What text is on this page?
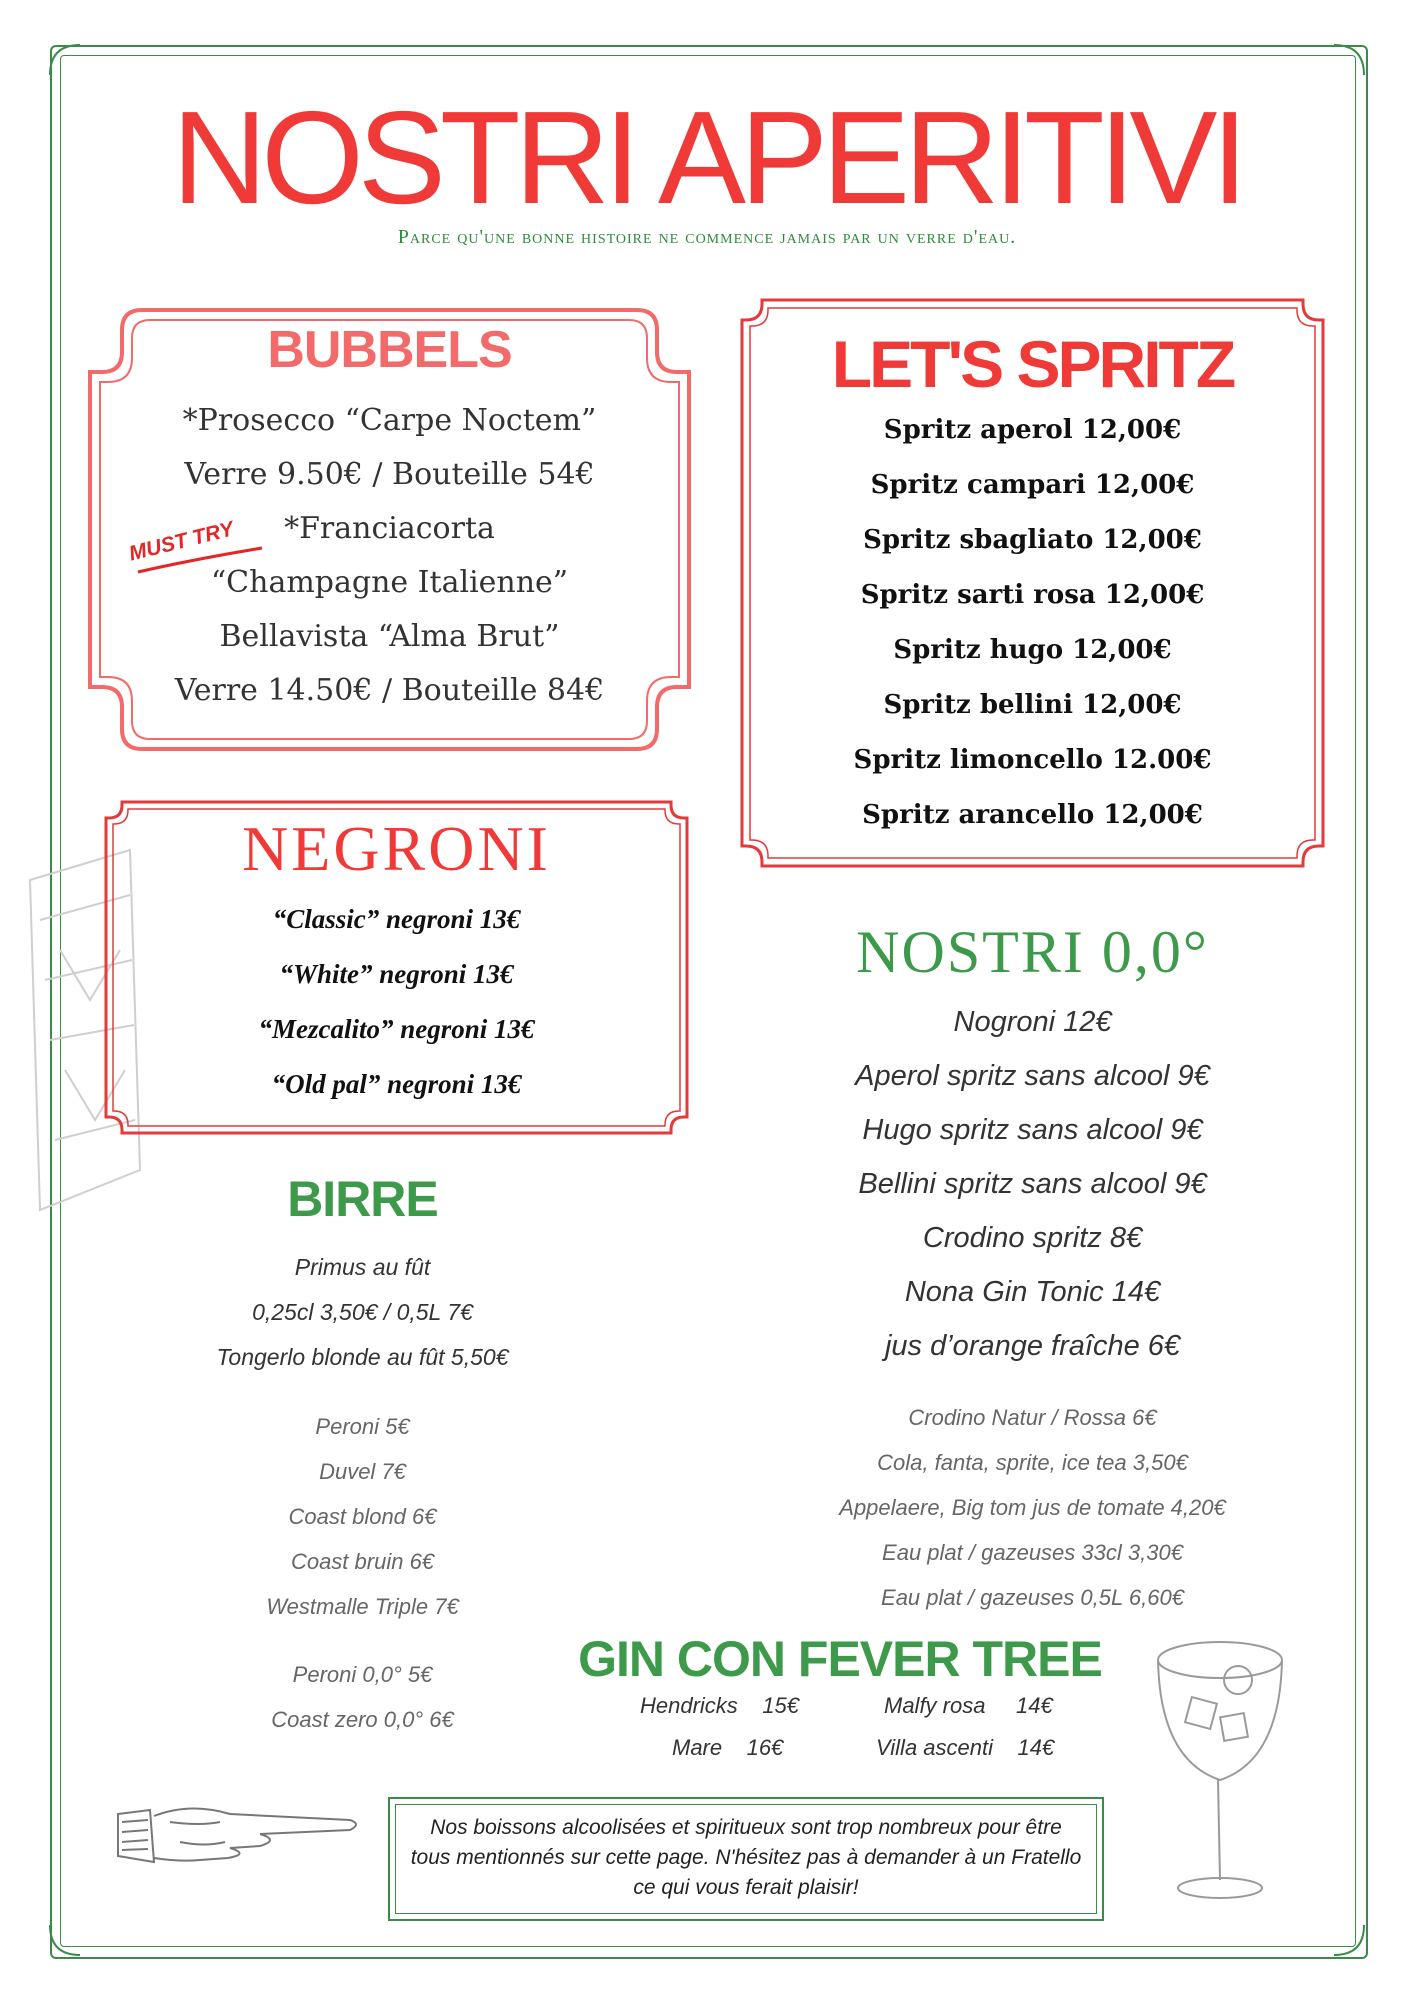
NOSTRI APERITIVI
Parce qu'une bonne histoire ne commence jamais par un verre d'eau.
BUBBELS
*Prosecco “Carpe Noctem”
Verre 9.50€ / Bouteille 54€
*Franciacorta
“Champagne Italienne”
Bellavista “Alma Brut”
Verre 14.50€ / Bouteille 84€
MUST TRY
LET'S SPRITZ
Spritz aperol 12,00€
Spritz campari 12,00€
Spritz sbagliato 12,00€
Spritz sarti rosa 12,00€
Spritz hugo 12,00€
Spritz bellini 12,00€
Spritz limoncello 12.00€
Spritz arancello 12,00€
NEGRONI
“Classic” negroni 13€
“White” negroni 13€
“Mezcalito” negroni 13€
“Old pal” negroni 13€
NOSTRI 0,0°
Nogroni 12€
Aperol spritz sans alcool 9€
Hugo spritz sans alcool 9€
Bellini spritz sans alcool 9€
Crodino spritz 8€
Nona Gin Tonic 14€
jus d’orange fraîche 6€
Crodino Natur / Rossa 6€
Cola, fanta, sprite, ice tea 3,50€
Appelaere, Big tom jus de tomate 4,20€
Eau plat / gazeuses 33cl 3,30€
Eau plat / gazeuses 0,5L 6,60€
BIRRE
Primus au fût
0,25cl 3,50€ / 0,5L 7€
Tongerlo blonde au fût 5,50€
Peroni 5€
Duvel 7€
Coast blond 6€
Coast bruin 6€
Westmalle Triple 7€
Peroni 0,0° 5€
Coast zero 0,0° 6€
GIN CON FEVER TREE
Hendricks 15€	Malfy rosa 14€
Mare 16€	Villa ascenti 14€
Nos boissons alcoolisées et spiritueux sont trop nombreux pour être tous mentionnés sur cette page. N'hésitez pas à demander à un Fratello ce qui vous ferait plaisir!
